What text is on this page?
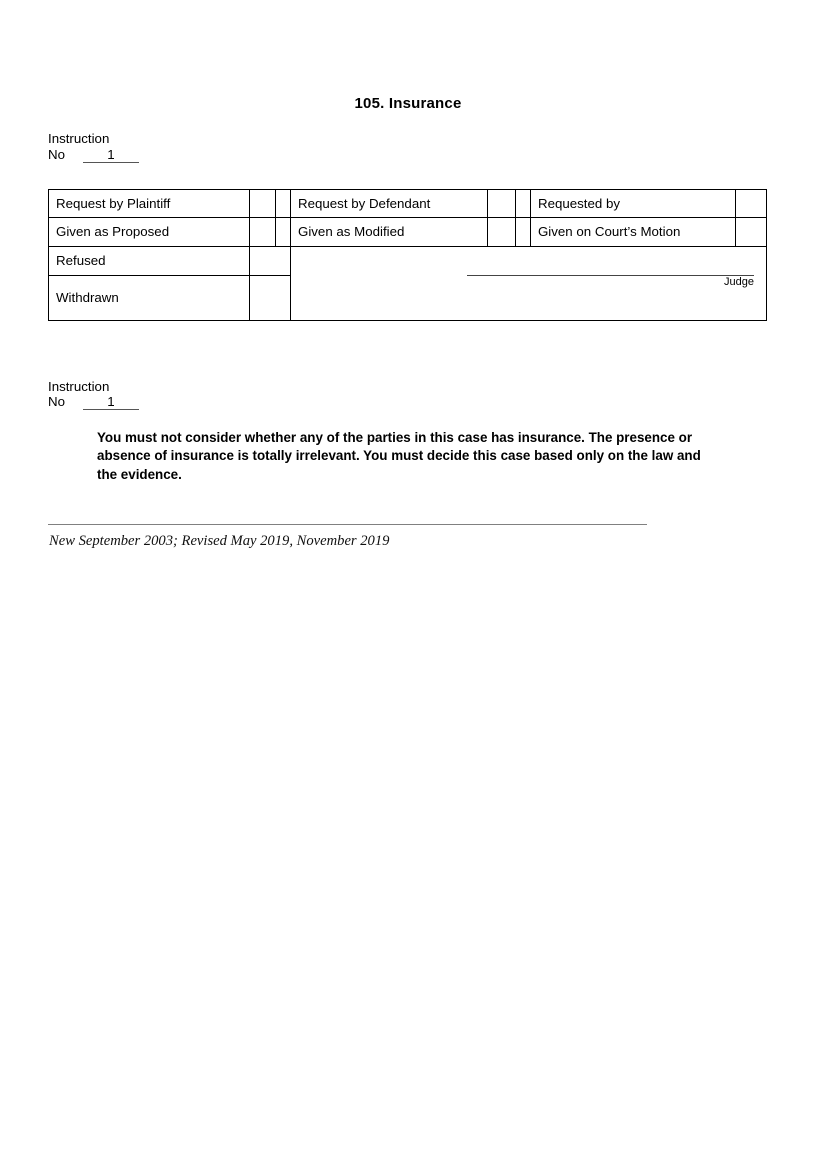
105. Insurance
Instruction
No	1
Request by Plaintiff			Request by Defendant			Requested by	
Given as Proposed			Given as Modified			Given on Court’s Motion	
Refused			Judge				

Withdrawn							
Instruction
No	1
You must not consider whether any of the parties in this case has insurance. The presence or absence of insurance is totally irrelevant. You must decide this case based only on the law and the evidence.
New September 2003; Revised May 2019, November 2019
